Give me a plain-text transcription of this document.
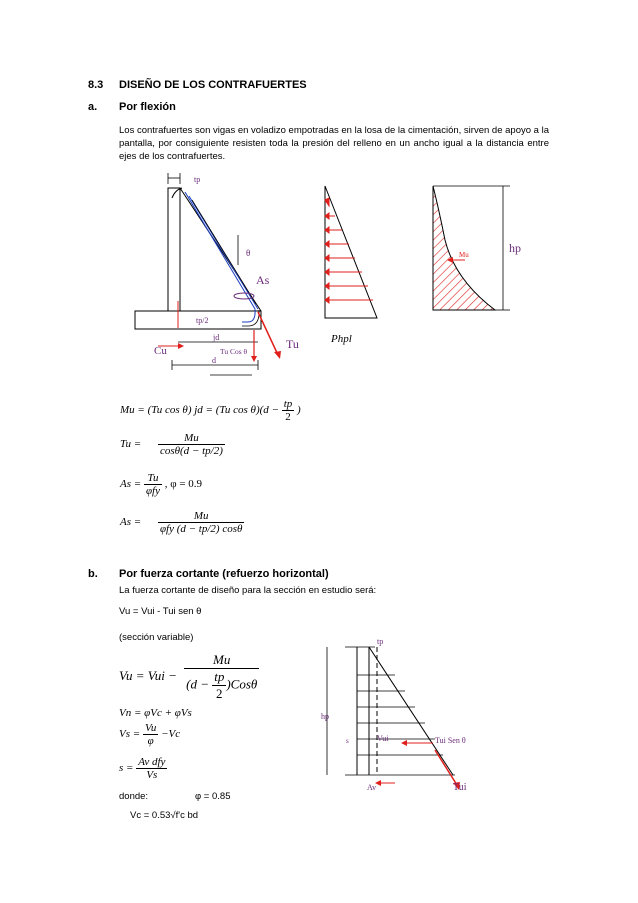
8.3 DISEÑO DE LOS CONTRAFUERTES
a. Por flexión
Los contrafuertes son vigas en voladizo empotradas en la losa de la cimentación, sirven de apoyo a la pantalla, por consiguiente resisten toda la presión del relleno en un ancho igual a la distancia entre ejes de los contrafuertes.
tp
θ
As
tp/2
jd
Tu Cos θ
Tu
Cu
d
Phpl
Mu	hp
Mu = (Tu cos θ) jd = (Tu $\cos \theta)(d - \frac{tp}{2}$ )
$Tu = \frac{Mu}{\cos\theta(d - tp/2)}$
$As = \frac{Tu}{\text{φfy}}$ , φ = 0.9
$As = \frac{Mu}{\text{φfy (d − tp/2) cosθ}}$
b. Por fuerza cortante (refuerzo horizontal)
La fuerza cortante de diseño para la sección en estudio será:
Vu = Vui - Tui sen θ
(sección variable)
Vu = Vui − $\frac{Mu}{(d - \frac{tp}{2} )Cos\theta}$
Vn = φVc + φVs
$Vs = \frac{Vu}{\varphi} -Vc$
$s = \frac{\text{Av dfy}}{Vs}$
donde:	φ = 0.85
Vc = 0.53√f'c bd
hp
tp
s	Vui	Tui Sen θ
Av	Tui
